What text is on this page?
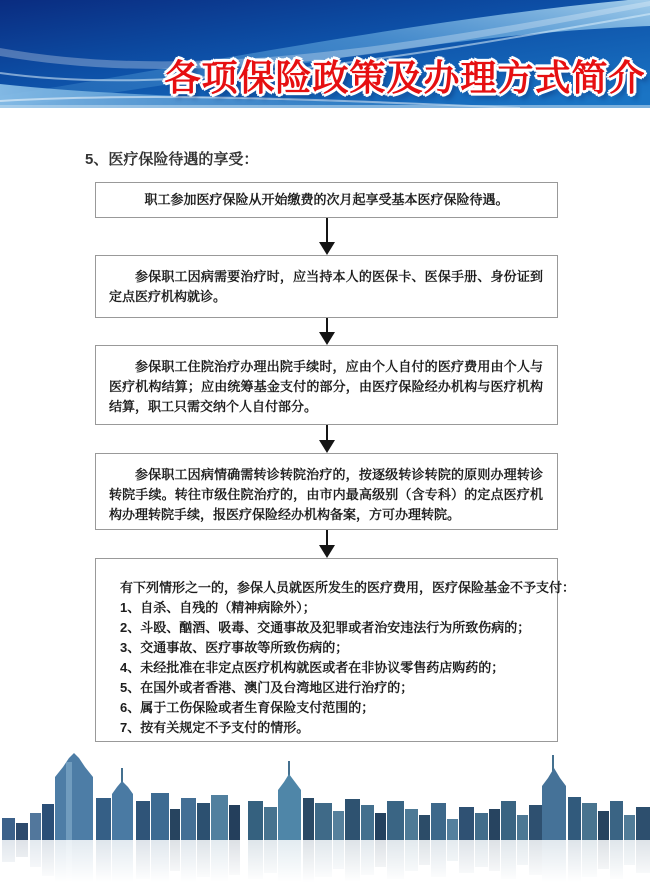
各项保险政策及办理方式简介
5、医疗保险待遇的享受：
职工参加医疗保险从开始缴费的次月起享受基本医疗保险待遇。
参保职工因病需要治疗时，应当持本人的医保卡、医保手册、身份证到定点医疗机构就诊。
参保职工住院治疗办理出院手续时，应由个人自付的医疗费用由个人与医疗机构结算；应由统筹基金支付的部分，由医疗保险经办机构与医疗机构结算，职工只需交纳个人自付部分。
参保职工因病情确需转诊转院治疗的，按逐级转诊转院的原则办理转诊转院手续。转往市级住院治疗的，由市内最高级别（含专科）的定点医疗机构办理转院手续，报医疗保险经办机构备案，方可办理转院。
有下列情形之一的，参保人员就医所发生的医疗费用，医疗保险基金不予支付：
1、自杀、自残的（精神病除外）；
2、斗殴、酗酒、吸毒、交通事故及犯罪或者治安违法行为所致伤病的；
3、交通事故、医疗事故等所致伤病的；
4、未经批准在非定点医疗机构就医或者在非协议零售药店购药的；
5、在国外或者香港、澳门及台湾地区进行治疗的；
6、属于工伤保险或者生育保险支付范围的；
7、按有关规定不予支付的情形。
